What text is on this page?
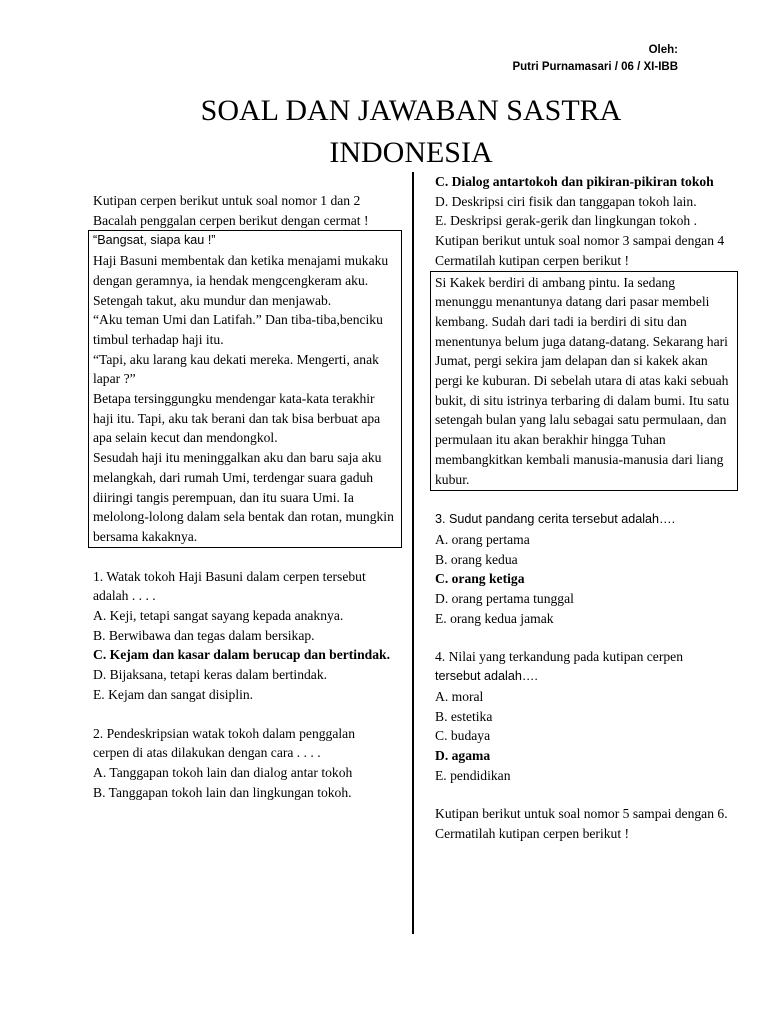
Oleh:
Putri Purnamasari / 06 / XI-IBB
SOAL DAN JAWABAN SASTRA
INDONESIA

Kutipan cerpen berikut untuk soal nomor 1 dan 2

Bacalah penggalan cerpen berikut dengan cermat !

“Bangsat, siapa kau !”

Haji Basuni membentak dan ketika menajami mukaku dengan geramnya, ia hendak mengcengkeram aku. Setengah takut, aku mundur dan menjawab.

“Aku teman Umi dan Latifah.” Dan tiba-tiba,benciku timbul terhadap haji itu.

“Tapi, aku larang kau dekati mereka. Mengerti, anak lapar ?”

Betapa tersinggungku mendengar kata-kata terakhir haji itu. Tapi, aku tak berani dan tak bisa berbuat apa apa selain kecut dan mendongkol.

Sesudah haji itu meninggalkan aku dan baru saja aku melangkah, dari rumah Umi, terdengar suara gaduh diiringi tangis perempuan, dan itu suara Umi. Ia melolong-lolong dalam sela bentak dan rotan, mungkin bersama kakaknya.

1. Watak tokoh Haji Basuni dalam cerpen tersebut adalah . . . .

A. Keji, tetapi sangat sayang kepada anaknya.

B. Berwibawa dan tegas dalam bersikap.

C. Kejam dan kasar dalam berucap dan bertindak.

D. Bijaksana, tetapi keras dalam bertindak.

E. Kejam dan sangat disiplin.

2. Pendeskripsian watak tokoh dalam penggalan cerpen di atas dilakukan dengan cara . . . .

A. Tanggapan tokoh lain dan dialog antar tokoh

B. Tanggapan tokoh lain dan lingkungan tokoh.

C. Dialog antartokoh dan pikiran-pikiran tokoh

D. Deskripsi ciri fisik dan tanggapan tokoh lain.

E. Deskripsi gerak-gerik dan lingkungan tokoh .

Kutipan berikut untuk soal nomor 3 sampai dengan 4

Cermatilah kutipan cerpen berikut !

Si Kakek berdiri di ambang pintu. Ia sedang menunggu menantunya datang dari pasar membeli kembang. Sudah dari tadi ia berdiri di situ dan menentunya belum juga datang-datang. Sekarang hari Jumat, pergi sekira jam delapan dan si kakek akan pergi ke kuburan. Di sebelah utara di atas kaki sebuah bukit, di situ istrinya terbaring di dalam bumi. Itu satu setengah bulan yang lalu sebagai satu permulaan, dan permulaan itu akan berakhir hingga Tuhan membangkitkan kembali manusia-manusia dari liang kubur.

3. Sudut pandang cerita tersebut adalah….

A. orang pertama

B. orang kedua

C. orang ketiga

D. orang pertama tunggal

E. orang kedua jamak

4. Nilai yang terkandung pada kutipan cerpen

tersebut adalah….

A. moral

B. estetika

C. budaya

D. agama

E. pendidikan

Kutipan berikut untuk soal nomor 5 sampai dengan 6.

Cermatilah kutipan cerpen berikut !
